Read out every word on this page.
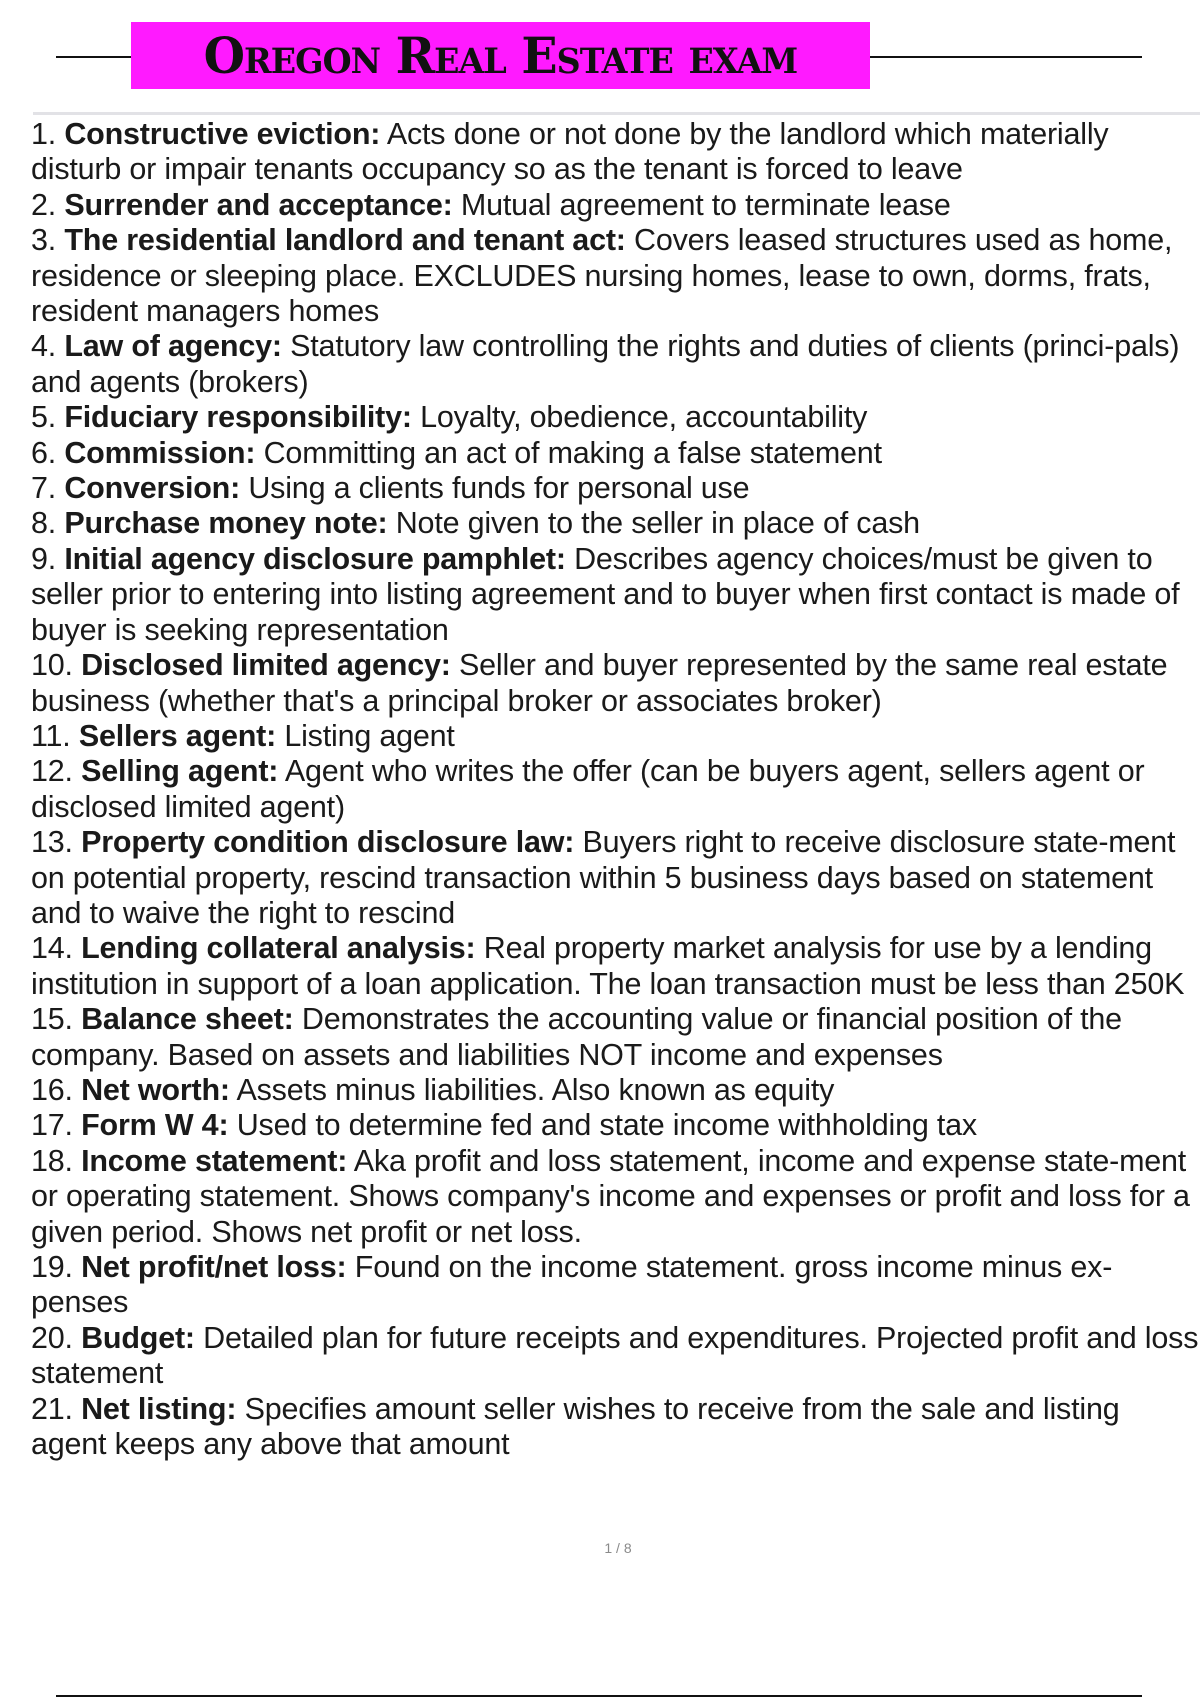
Oregon Real Estate exam
1. Constructive eviction: Acts done or not done by the landlord which materially disturb or impair tenants occupancy so as the tenant is forced to leave
2. Surrender and acceptance: Mutual agreement to terminate lease
3. The residential landlord and tenant act: Covers leased structures used as home, residence or sleeping place. EXCLUDES nursing homes, lease to own, dorms, frats, resident managers homes
4. Law of agency: Statutory law controlling the rights and duties of clients (princi-pals) and agents (brokers)
5. Fiduciary responsibility: Loyalty, obedience, accountability
6. Commission: Committing an act of making a false statement
7. Conversion: Using a clients funds for personal use
8. Purchase money note: Note given to the seller in place of cash
9. Initial agency disclosure pamphlet: Describes agency choices/must be given to seller prior to entering into listing agreement and to buyer when first contact is made of buyer is seeking representation
10. Disclosed limited agency: Seller and buyer represented by the same real estate business (whether that's a principal broker or associates broker)
11. Sellers agent: Listing agent
12. Selling agent: Agent who writes the offer (can be buyers agent, sellers agent or disclosed limited agent)
13. Property condition disclosure law: Buyers right to receive disclosure state-ment on potential property, rescind transaction within 5 business days based on statement and to waive the right to rescind
14. Lending collateral analysis: Real property market analysis for use by a lending institution in support of a loan application. The loan transaction must be less than 250K
15. Balance sheet: Demonstrates the accounting value or financial position of the company. Based on assets and liabilities NOT income and expenses
16. Net worth: Assets minus liabilities. Also known as equity
17. Form W 4: Used to determine fed and state income withholding tax
18. Income statement: Aka profit and loss statement, income and expense state-ment or operating statement. Shows company's income and expenses or profit and loss for a given period. Shows net profit or net loss.
19. Net profit/net loss: Found on the income statement. gross income minus ex-penses
20. Budget: Detailed plan for future receipts and expenditures. Projected profit and loss statement
21. Net listing: Specifies amount seller wishes to receive from the sale and listing agent keeps any above that amount
1 / 8
